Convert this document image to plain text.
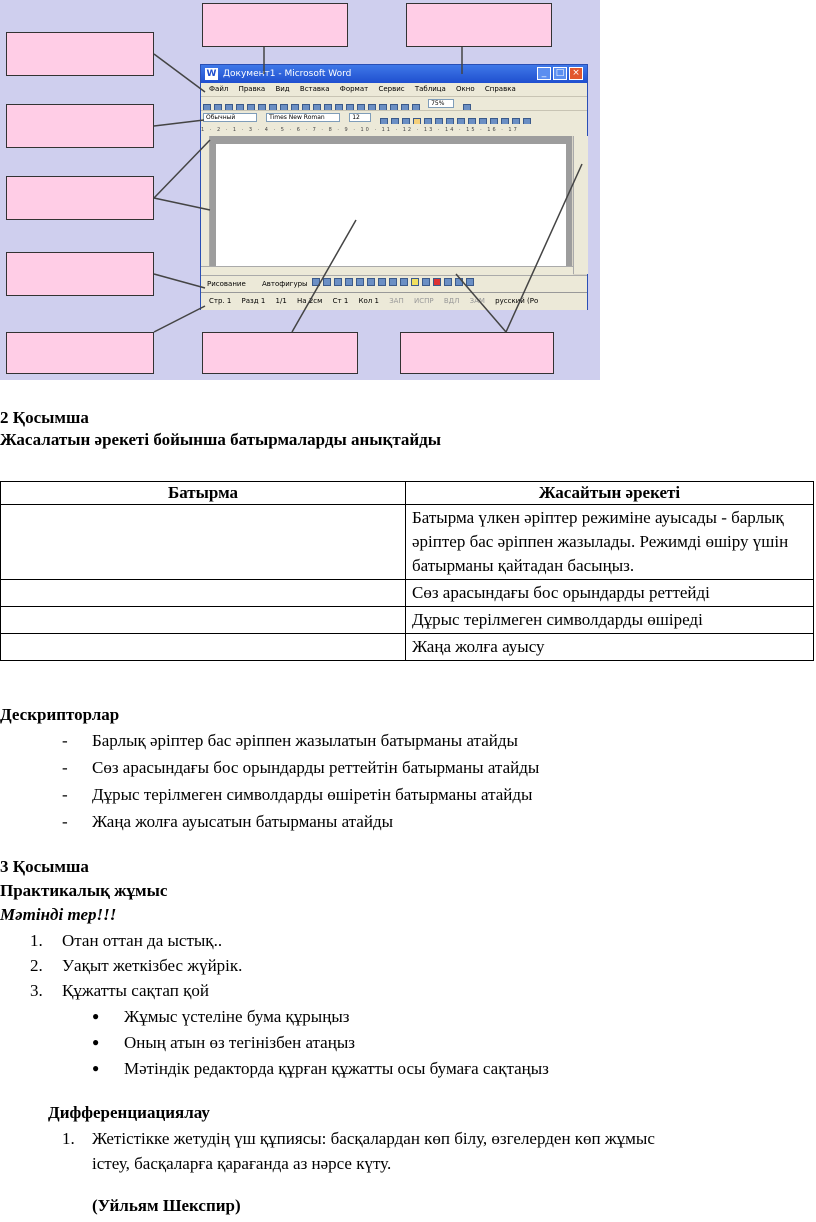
W Документ1 - Microsoft Word	_	□ ×
Файл Правка Вид Вставка Формат Сервис Таблица Окно Справка
75%
Обычный	Times New Roman	12
1 · 2 · 1 · 3 · 4 · 5 · 6 · 7 · 8 · 9 · 10 · 11 · 12 · 13 · 14 · 15 · 16 · 17
Рисование Автофигуры
Стр. 1 Разд 1 1/1 На 2см Ст 1 Кол 1 ЗАП ИСПР ВДЛ ЗАМ русский (Ро
2 Қосымша
Жасалатын әрекеті бойынша батырмаларды анықтайды
Батырма	Жасайтын әрекеті
	Батырма үлкен әріптер режиміне ауысады - барлық әріптер бас әріппен жазылады. Режимді өшіру үшін батырманы қайтадан басыңыз.
	Сөз арасындағы бос орындарды реттейді
	Дұрыс терілмеген символдарды өшіреді
	Жаңа жолға ауысу
Дескрипторлар
- Барлық әріптер бас әріппен жазылатын батырманы атайды
- Сөз арасындағы бос орындарды реттейтін батырманы атайды
- Дұрыс терілмеген символдарды өшіретін батырманы атайды
- Жаңа жолға ауысатын батырманы атайды
3 Қосымша
Практикалық жұмыс
Мәтінді тер!!!
1. Отан оттан да ыстық..
2. Уақыт жеткізбес жүйрік.
3. Құжатты сақтап қой
● Жұмыс үстеліне бума құрыңыз
● Оның атын өз тегінізбен атаңыз
● Мәтіндік редакторда құрған құжатты осы бумаға сақтаңыз
Дифференциациялау
1. Жетістікке жетудің үш құпиясы: басқалардан көп білу, өзгелерден көп жұмыс
істеу, басқаларға қарағанда аз нәрсе күту.
(Уйльям Шекспир)
